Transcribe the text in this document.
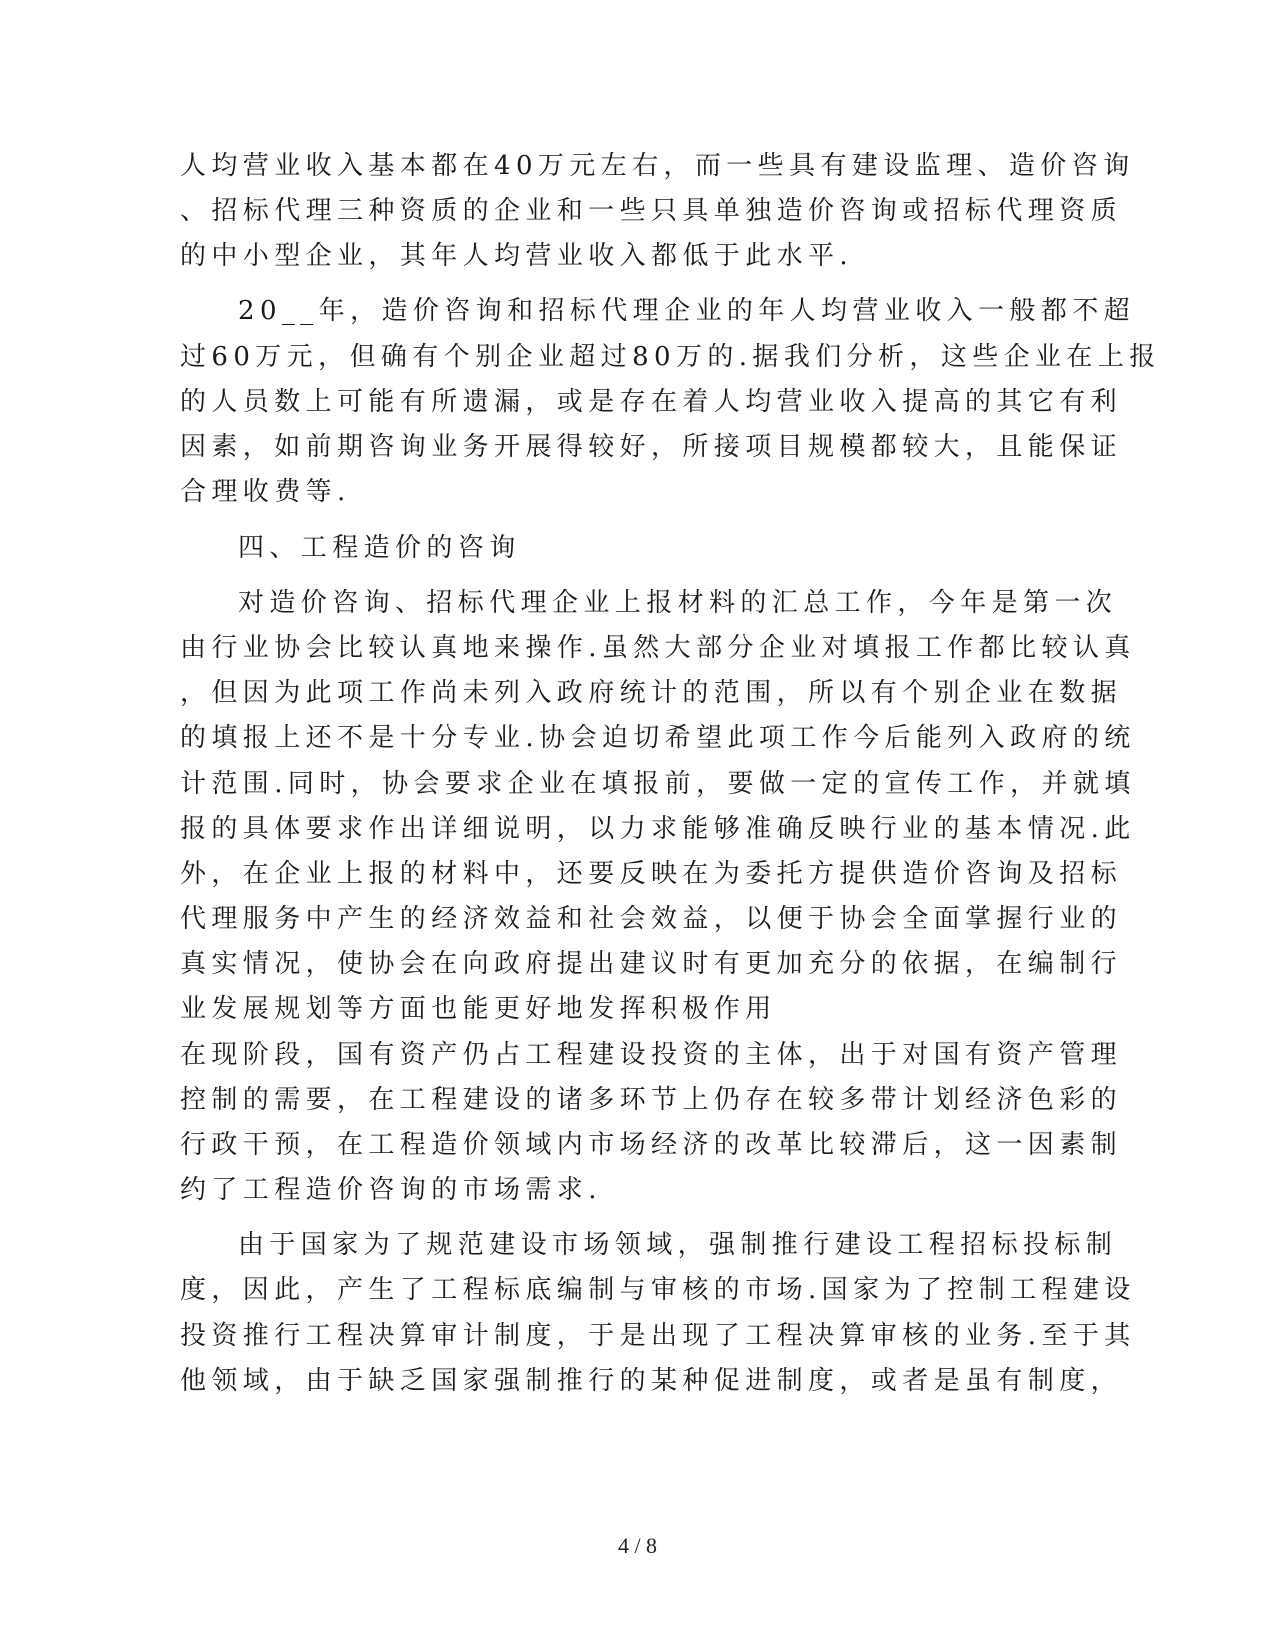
人均营业收入基本都在40万元左右，而一些具有建设监理、造价咨询
、招标代理三种资质的企业和一些只具单独造价咨询或招标代理资质
的中小型企业，其年人均营业收入都低于此水平.
20__年，造价咨询和招标代理企业的年人均营业收入一般都不超
过60万元，但确有个别企业超过80万的.据我们分析，这些企业在上报
的人员数上可能有所遗漏，或是存在着人均营业收入提高的其它有利
因素，如前期咨询业务开展得较好，所接项目规模都较大，且能保证
合理收费等.
四、工程造价的咨询
对造价咨询、招标代理企业上报材料的汇总工作，今年是第一次
由行业协会比较认真地来操作.虽然大部分企业对填报工作都比较认真
，但因为此项工作尚未列入政府统计的范围，所以有个别企业在数据
的填报上还不是十分专业.协会迫切希望此项工作今后能列入政府的统
计范围.同时，协会要求企业在填报前，要做一定的宣传工作，并就填
报的具体要求作出详细说明，以力求能够准确反映行业的基本情况.此
外，在企业上报的材料中，还要反映在为委托方提供造价咨询及招标
代理服务中产生的经济效益和社会效益，以便于协会全面掌握行业的
真实情况，使协会在向政府提出建议时有更加充分的依据，在编制行
业发展规划等方面也能更好地发挥积极作用
在现阶段，国有资产仍占工程建设投资的主体，出于对国有资产管理
控制的需要，在工程建设的诸多环节上仍存在较多带计划经济色彩的
行政干预，在工程造价领域内市场经济的改革比较滞后，这一因素制
约了工程造价咨询的市场需求.
由于国家为了规范建设市场领域，强制推行建设工程招标投标制
度，因此，产生了工程标底编制与审核的市场.国家为了控制工程建设
投资推行工程决算审计制度，于是出现了工程决算审核的业务.至于其
他领域，由于缺乏国家强制推行的某种促进制度，或者是虽有制度，
4 / 8
